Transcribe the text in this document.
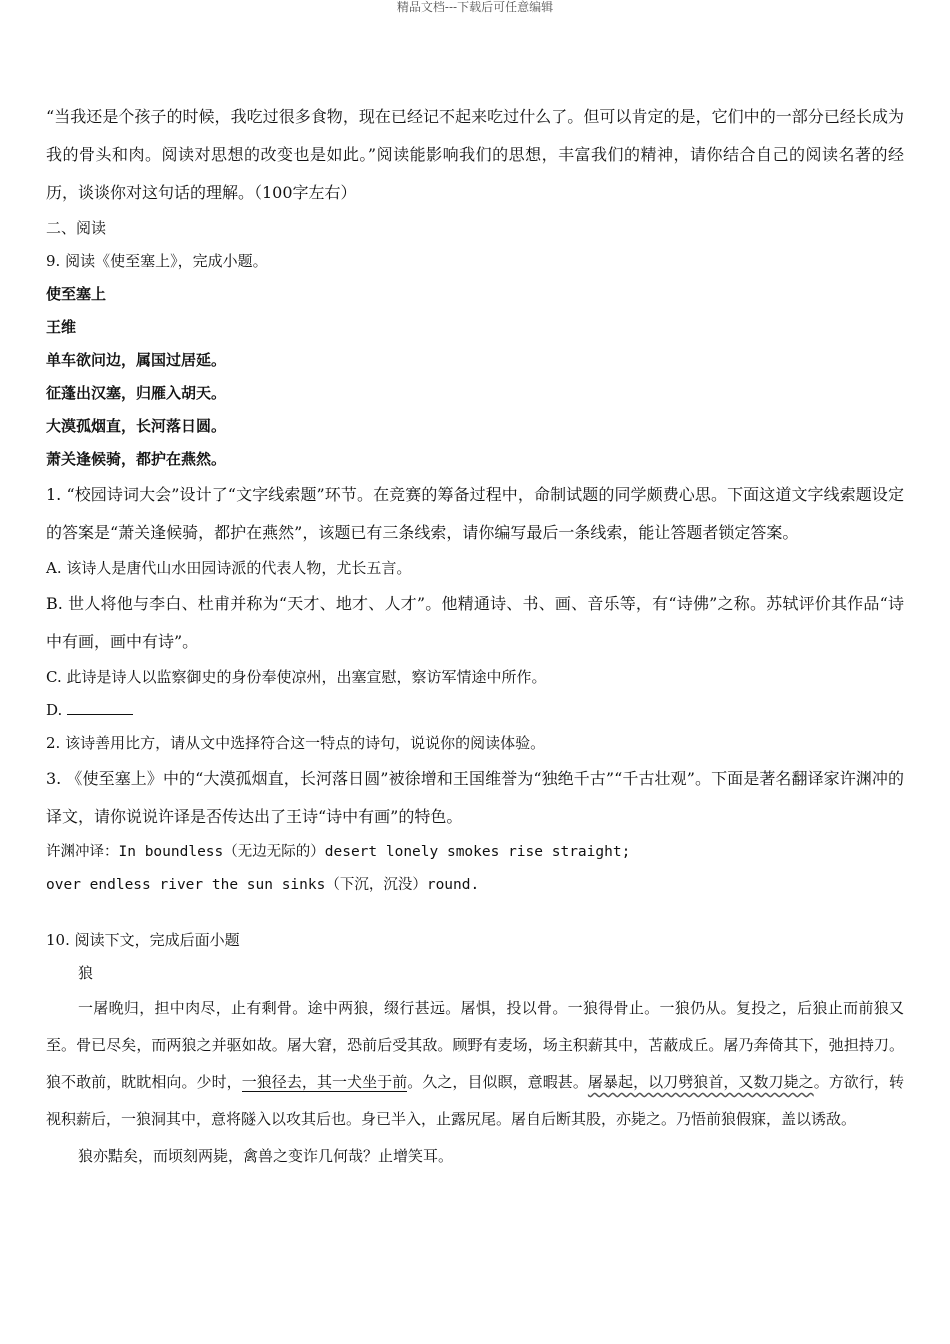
精品文档---下载后可任意编辑

“当我还是个孩子的时候，我吃过很多食物，现在已经记不起来吃过什么了。但可以肯定的是，它们中的一部分已经长成为我的骨头和肉。阅读对思想的改变也是如此。”阅读能影响我们的思想，丰富我们的精神，请你结合自己的阅读名著的经历，谈谈你对这句话的理解。（100字左右）

二、阅读

9. 阅读《使至塞上》，完成小题。

使至塞上

王维

单车欲问边，属国过居延。

征蓬出汉塞，归雁入胡天。

大漠孤烟直，长河落日圆。

萧关逢候骑，都护在燕然。

1. “校园诗词大会”设计了“文字线索题”环节。在竞赛的筹备过程中，命制试题的同学颇费心思。下面这道文字线索题设定的答案是“萧关逢候骑，都护在燕然”，该题已有三条线索，请你编写最后一条线索，能让答题者锁定答案。

A. 该诗人是唐代山水田园诗派的代表人物，尤长五言。

B. 世人将他与李白、杜甫并称为“天才、地才、人才”。他精通诗、书、画、音乐等，有“诗佛”之称。苏轼评价其作品“诗中有画，画中有诗”。

C. 此诗是诗人以监察御史的身份奉使凉州，出塞宣慰，察访军情途中所作。

D.

2. 该诗善用比方，请从文中选择符合这一特点的诗句，说说你的阅读体验。

3. 《使至塞上》中的“大漠孤烟直，长河落日圆”被徐增和王国维誉为“独绝千古”“千古壮观”。下面是著名翻译家许渊冲的译文，请你说说许译是否传达出了王诗“诗中有画”的特色。

许渊冲译：In boundless（无边无际的）desert lonely smokes rise straight;

over endless river the sun sinks（下沉，沉没）round.

10. 阅读下文，完成后面小题

狼

一屠晚归，担中肉尽，止有剩骨。途中两狼，缀行甚远。屠惧，投以骨。一狼得骨止。一狼仍从。复投之，后狼止而前狼又至。骨已尽矣，而两狼之并驱如故。屠大窘，恐前后受其敌。顾野有麦场，场主积薪其中，苫蔽成丘。屠乃奔倚其下，弛担持刀。狼不敢前，眈眈相向。少时，一狼径去，其一犬坐于前。久之，目似瞑，意暇甚。屠暴起，以刀劈狼首，又数刀毙之。方欲行，转视积薪后，一狼洞其中，意将隧入以攻其后也。身已半入，止露尻尾。屠自后断其股，亦毙之。乃悟前狼假寐，盖以诱敌。

狼亦黠矣，而顷刻两毙，禽兽之变诈几何哉？止增笑耳。
